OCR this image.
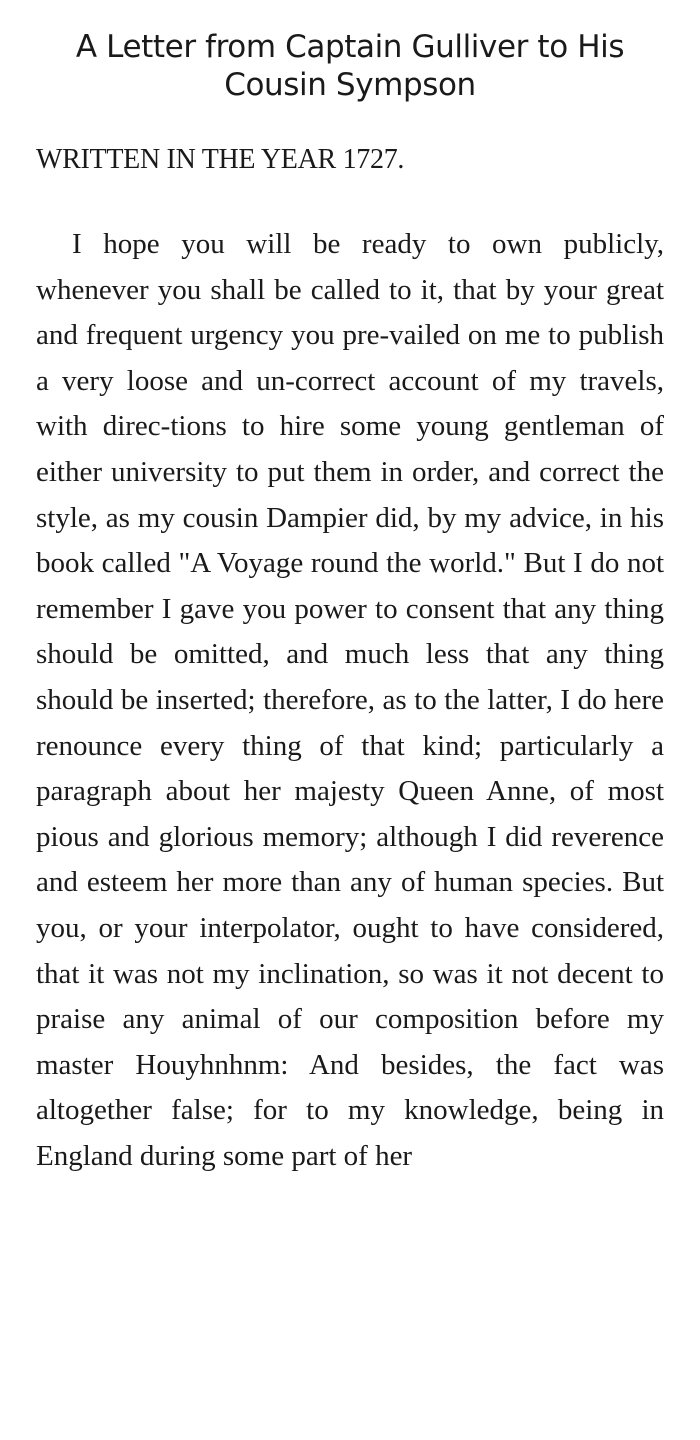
A Letter from Captain Gulliver to His Cousin Sympson
WRITTEN IN THE YEAR 1727.

I hope you will be ready to own publicly, whenever you shall be called to it, that by your great and frequent urgency you pre-vailed on me to publish a very loose and un-correct account of my travels, with direc-tions to hire some young gentleman of either university to put them in order, and correct the style, as my cousin Dampier did, by my advice, in his book called "A Voyage round the world." But I do not remember I gave you power to consent that any thing should be omitted, and much less that any thing should be inserted; therefore, as to the latter, I do here renounce every thing of that kind; particularly a paragraph about her majesty Queen Anne, of most pious and glorious memory; although I did reverence and esteem her more than any of human species. But you, or your interpolator, ought to have considered, that it was not my inclination, so was it not decent to praise any animal of our composition before my master Houyhnhnm: And besides, the fact was altogether false; for to my knowledge, being in England during some part of her
